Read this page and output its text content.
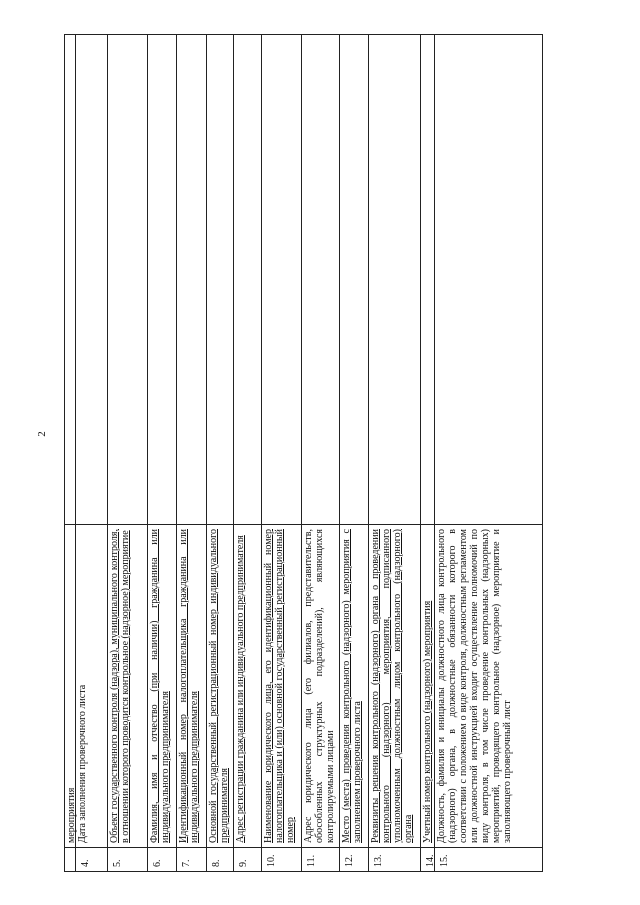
2
мероприятия
4.
Дата заполнения проверочного листа
5.
Объект государственного контроля (надзора), муниципального контроля, в отношении которого проводится контрольное (надзорное) мероприятие
6.
Фамилия, имя и отчество (при наличии) гражданина или индивидуального предпринимателя
7.
Идентификационный номер налогоплательщика гражданина или индивидуального предпринимателя
8.
Основной государственный регистрационный номер индивидуального предпринимателя
9.
Адрес регистрации гражданина или индивидуального предпринимателя
10.
Наименование юридического лица, его идентификационный номер налогоплательщика и (или) основной государственный регистрационный номер
11.
Адрес юридического лица (его филиалов, представительств, обособленных структурных подразделений), являющихся контролируемыми лицами
12.
Место (места) проведения контрольного (надзорного) мероприятия с заполнением проверочного листа
13.
Реквизиты решения контрольного (надзорного) органа о проведении контрольного (надзорного) мероприятия, подписанного уполномоченным должностным лицом контрольного (надзорного) органа
14.
Учетный номер контрольного (надзорного) мероприятия
15.
Должность, фамилия и инициалы должностного лица контрольного (надзорного) органа, в должностные обязанности которого в соответствии с положением о виде контроля, должностным регламентом или должностной инструкцией входит осуществление полномочий по виду контроля, в том числе проведение контрольных (надзорных) мероприятий, проводящего контрольное (надзорное) мероприятие и заполняющего проверочный лист
